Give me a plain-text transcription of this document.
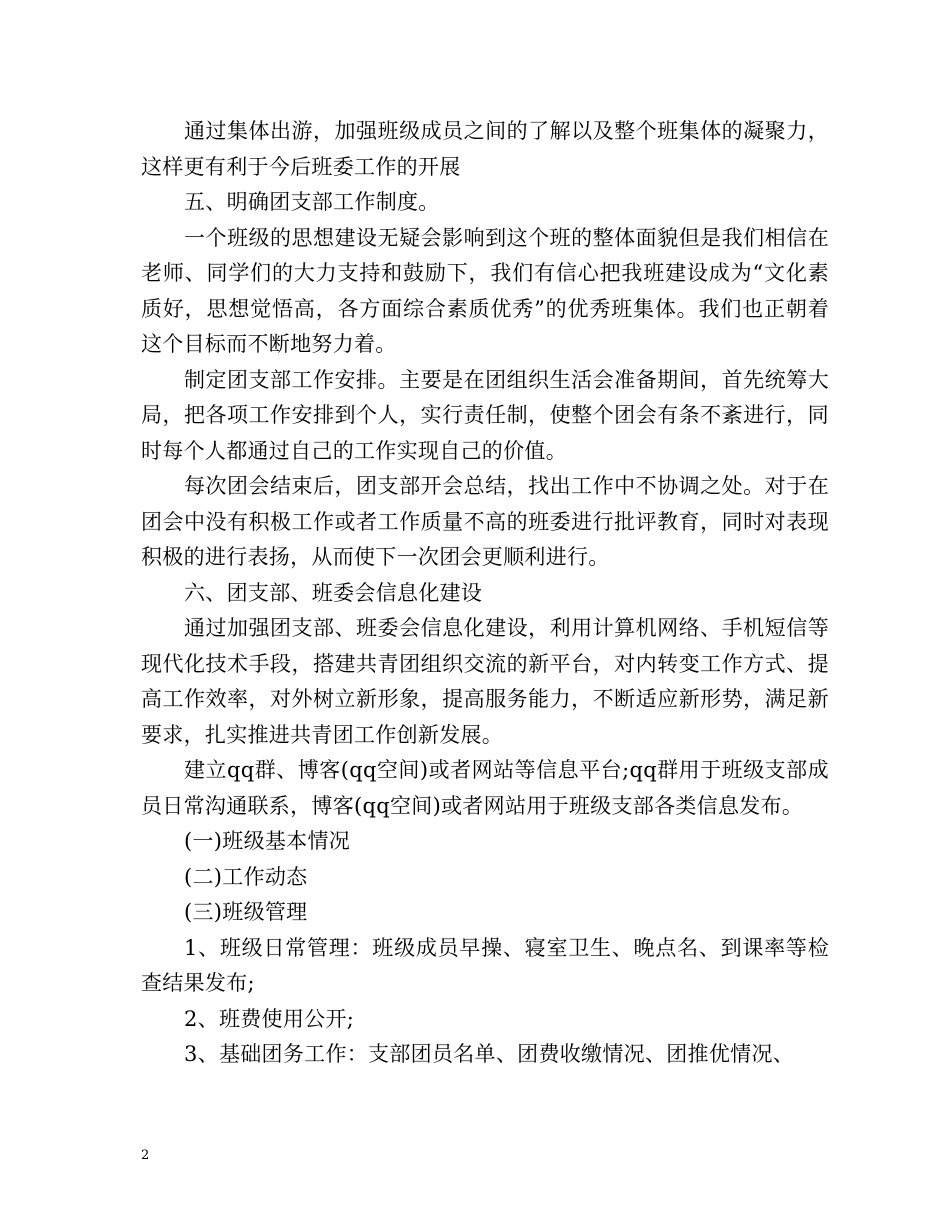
通过集体出游，加强班级成员之间的了解以及整个班集体的凝聚力，这样更有利于今后班委工作的开展

五、明确团支部工作制度。

一个班级的思想建设无疑会影响到这个班的整体面貌但是我们相信在老师、同学们的大力支持和鼓励下，我们有信心把我班建设成为“文化素质好，思想觉悟高，各方面综合素质优秀”的优秀班集体。我们也正朝着这个目标而不断地努力着。

制定团支部工作安排。主要是在团组织生活会准备期间，首先统筹大局，把各项工作安排到个人，实行责任制，使整个团会有条不紊进行，同时每个人都通过自己的工作实现自己的价值。

每次团会结束后，团支部开会总结，找出工作中不协调之处。对于在团会中没有积极工作或者工作质量不高的班委进行批评教育，同时对表现积极的进行表扬，从而使下一次团会更顺利进行。

六、团支部、班委会信息化建设

通过加强团支部、班委会信息化建设，利用计算机网络、手机短信等现代化技术手段，搭建共青团组织交流的新平台，对内转变工作方式、提高工作效率，对外树立新形象，提高服务能力，不断适应新形势，满足新要求，扎实推进共青团工作创新发展。

建立qq群、博客(qq空间)或者网站等信息平台;qq群用于班级支部成员日常沟通联系，博客(qq空间)或者网站用于班级支部各类信息发布。

(一)班级基本情况

(二)工作动态

(三)班级管理

1、班级日常管理：班级成员早操、寝室卫生、晚点名、到课率等检查结果发布;

2、班费使用公开;

3、基础团务工作：支部团员名单、团费收缴情况、团推优情况、

2
